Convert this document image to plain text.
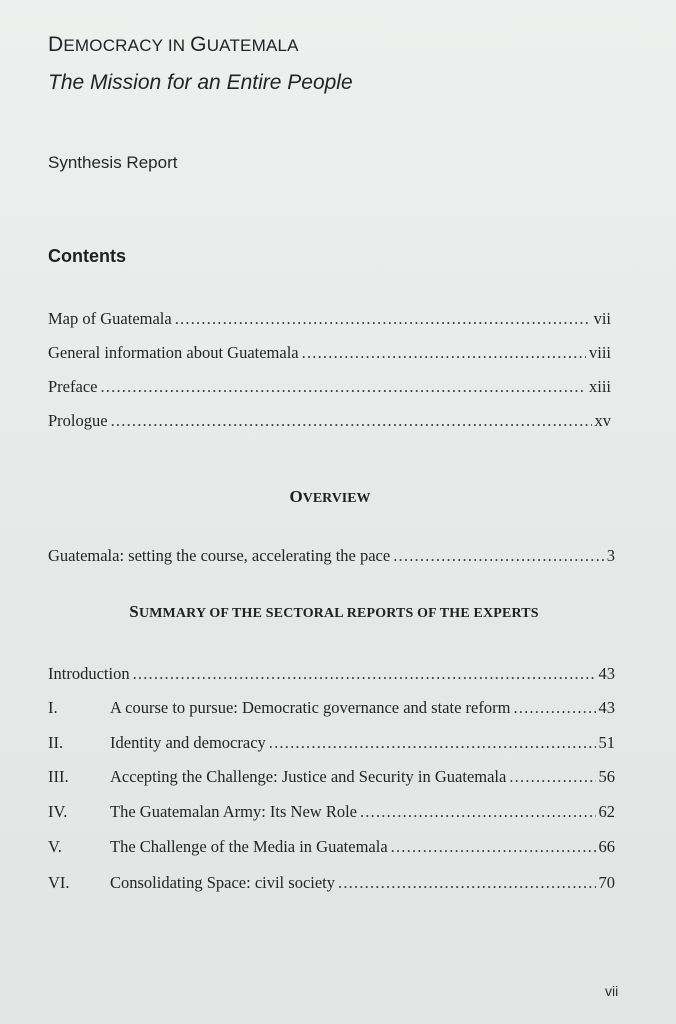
DEMOCRACY IN GUATEMALA
The Mission for an Entire People
Synthesis Report
Contents
Map of Guatemala .....	vii
General information about Guatemala .....	viii
Preface .....	xiii
Prologue .....	xv
OVERVIEW
Guatemala: setting the course, accelerating the pace .....	3
SUMMARY OF THE SECTORAL REPORTS OF THE EXPERTS
Introduction .....	43
I.	A course to pursue: Democratic governance and state reform .....	43
II.	Identity and democracy .....	51
III.	Accepting the Challenge: Justice and Security in Guatemala .....	56
IV.	The Guatemalan Army: Its New Role .....	62
V.	The Challenge of the Media in Guatemala .....	66
VI.	Consolidating Space: civil society .....	70
vii
